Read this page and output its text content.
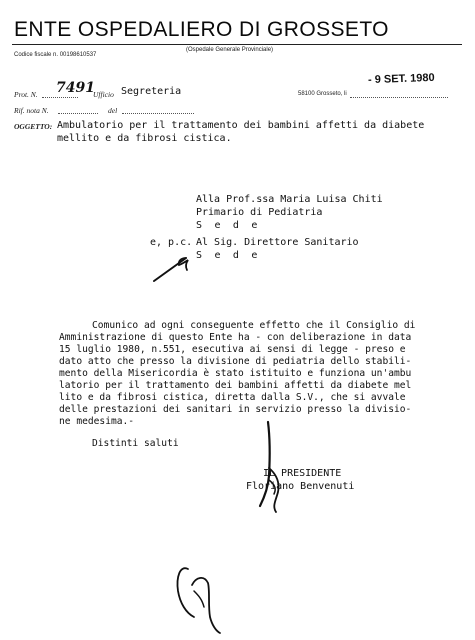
ENTE OSPEDALIERO DI GROSSETO
Codice fiscale n. 00198610537
(Ospedale Generale Provinciale)
- 9 SET. 1980
Prot. N. 7491
Ufficio Segreteria	58100 Grosseto, li
Rif. nota N.	del
OGGETTO: Ambulatorio per il trattamento dei bambini affetti da diabete
mellito e da fibrosi cistica.
Alla Prof.ssa Maria Luisa Chiti
Primario di Pediatria
S e d e
e, p.c. Al Sig. Direttore Sanitario
S e d e
Comunico ad ogni conseguente effetto che il Consiglio di
Amministrazione di questo Ente ha - con deliberazione in data
15 luglio 1980, n.551, esecutiva ai sensi di legge - preso e
dato atto che presso la divisione di pediatria dello stabili-
mento della Misericordia è stato istituito e funziona un'ambu
latorio per il trattamento dei bambini affetti da diabete mel
lito e da fibrosi cistica, diretta dalla S.V., che si avvale
delle prestazioni dei sanitari in servizio presso la divisio-
ne medesima.-
Distinti saluti
IL PRESIDENTE
Floriano Benvenuti
